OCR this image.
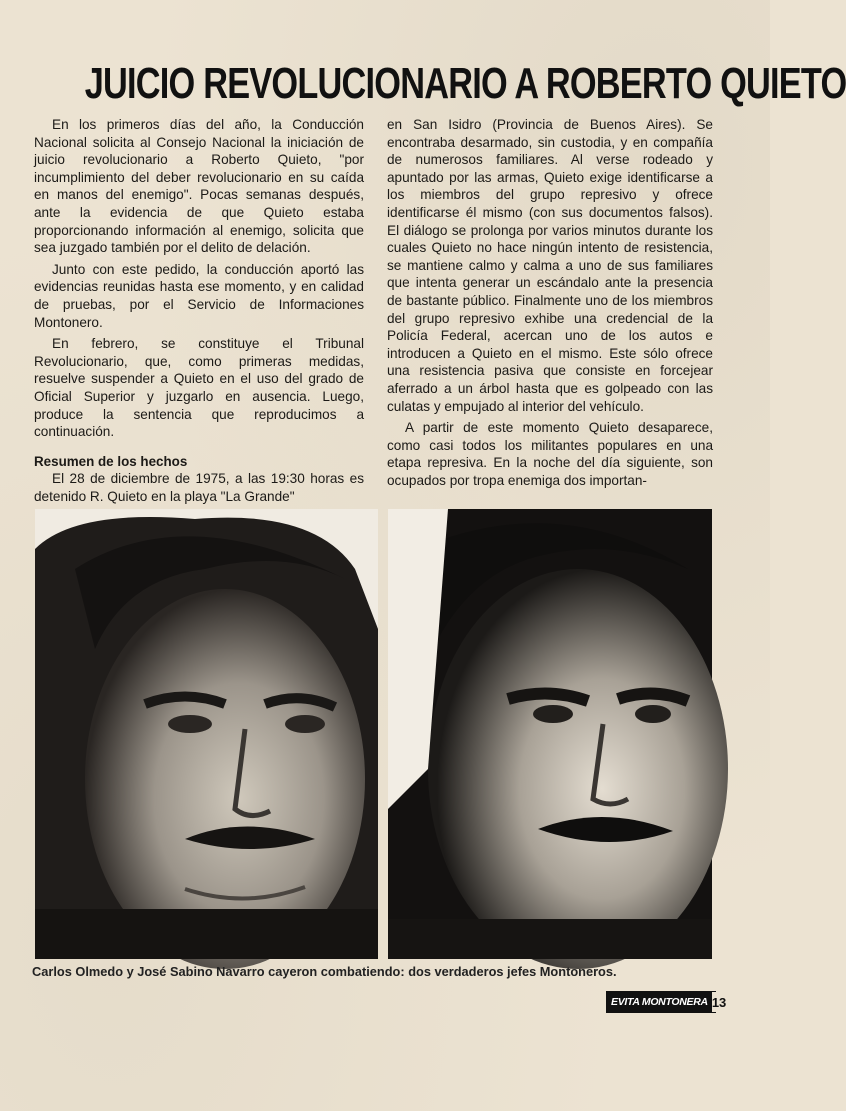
JUICIO REVOLUCIONARIO A ROBERTO QUIETO

En los primeros días del año, la Conducción Nacional solicita al Consejo Nacional la iniciación de juicio revolucionario a Roberto Quieto, "por incumplimiento del deber revolucionario en su caída en manos del enemigo". Pocas semanas después, ante la evidencia de que Quieto estaba proporcionando información al enemigo, solicita que sea juzgado también por el delito de delación.

Junto con este pedido, la conducción aportó las evidencias reunidas hasta ese momento, y en calidad de pruebas, por el Servicio de Informaciones Montonero.

En febrero, se constituye el Tribunal Revolucionario, que, como primeras medidas, resuelve suspender a Quieto en el uso del grado de Oficial Superior y juzgarlo en ausencia. Luego, produce la sentencia que reproducimos a continuación.

Resumen de los hechos

El 28 de diciembre de 1975, a las 19:30 horas es detenido R. Quieto en la playa "La Grande"

en San Isidro (Provincia de Buenos Aires). Se encontraba desarmado, sin custodia, y en compañía de numerosos familiares. Al verse rodeado y apuntado por las armas, Quieto exige identificarse a los miembros del grupo represivo y ofrece identificarse él mismo (con sus documentos falsos). El diálogo se prolonga por varios minutos durante los cuales Quieto no hace ningún intento de resistencia, se mantiene calmo y calma a uno de sus familiares que intenta generar un escándalo ante la presencia de bastante público. Finalmente uno de los miembros del grupo represivo exhibe una credencial de la Policía Federal, acercan uno de los autos e introducen a Quieto en el mismo. Este sólo ofrece una resistencia pasiva que consiste en forcejear aferrado a un árbol hasta que es golpeado con las culatas y empujado al interior del vehículo.

A partir de este momento Quieto desaparece, como casi todos los militantes populares en una etapa represiva. En la noche del día siguiente, son ocupados por tropa enemiga dos importan-

Carlos Olmedo y José Sabino Navarro cayeron combatiendo: dos verdaderos jefes Montoneros.
EVITA MONTONERA 13
